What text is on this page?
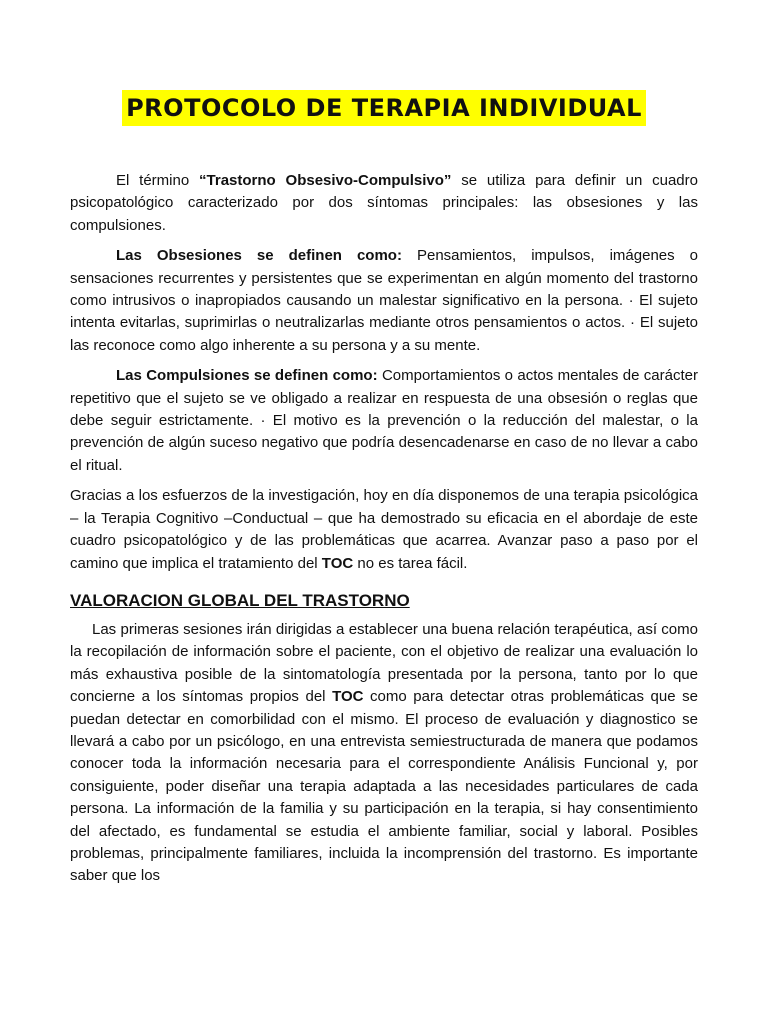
PROTOCOLO DE TERAPIA INDIVIDUAL

El término “Trastorno Obsesivo-Compulsivo” se utiliza para definir un cuadro psicopatológico caracterizado por dos síntomas principales: las obsesiones y las compulsiones.

Las Obsesiones se definen como: Pensamientos, impulsos, imágenes o sensaciones recurrentes y persistentes que se experimentan en algún momento del trastorno como intrusivos o inapropiados causando un malestar significativo en la persona. · El sujeto intenta evitarlas, suprimirlas o neutralizarlas mediante otros pensamientos o actos. · El sujeto las reconoce como algo inherente a su persona y a su mente.

Las Compulsiones se definen como: Comportamientos o actos mentales de carácter repetitivo que el sujeto se ve obligado a realizar en respuesta de una obsesión o reglas que debe seguir estrictamente. · El motivo es la prevención o la reducción del malestar, o la prevención de algún suceso negativo que podría desencadenarse en caso de no llevar a cabo el ritual.

Gracias a los esfuerzos de la investigación, hoy en día disponemos de una terapia psicológica – la Terapia Cognitivo –Conductual – que ha demostrado su eficacia en el abordaje de este cuadro psicopatológico y de las problemáticas que acarrea. Avanzar paso a paso por el camino que implica el tratamiento del TOC no es tarea fácil.

VALORACION GLOBAL DEL TRASTORNO

Las primeras sesiones irán dirigidas a establecer una buena relación terapéutica, así como la recopilación de información sobre el paciente, con el objetivo de realizar una evaluación lo más exhaustiva posible de la sintomatología presentada por la persona, tanto por lo que concierne a los síntomas propios del TOC como para detectar otras problemáticas que se puedan detectar en comorbilidad con el mismo. El proceso de evaluación y diagnostico se llevará a cabo por un psicólogo, en una entrevista semiestructurada de manera que podamos conocer toda la información necesaria para el correspondiente Análisis Funcional y, por consiguiente, poder diseñar una terapia adaptada a las necesidades particulares de cada persona. La información de la familia y su participación en la terapia, si hay consentimiento del afectado, es fundamental se estudia el ambiente familiar, social y laboral. Posibles problemas, principalmente familiares, incluida la incomprensión del trastorno. Es importante saber que los
